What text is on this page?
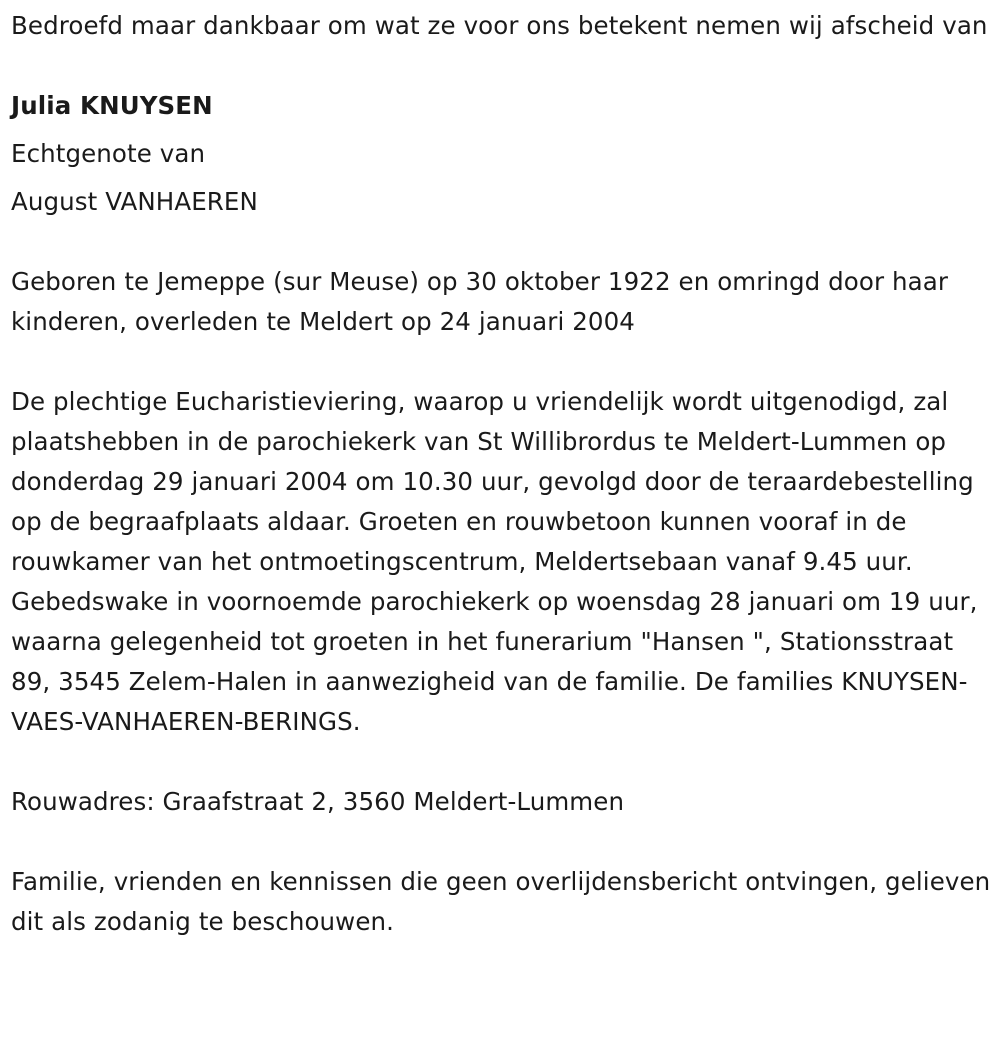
Bedroefd maar dankbaar om wat ze voor ons betekent nemen wij afscheid van

Julia KNUYSEN

Echtgenote van

August VANHAEREN

Geboren te Jemeppe (sur Meuse) op 30 oktober 1922 en omringd door haar kinderen, overleden te Meldert op 24 januari 2004

De plechtige Eucharistieviering, waarop u vriendelijk wordt uitgenodigd, zal plaatshebben in de parochiekerk van St Willibrordus te Meldert-Lummen op donderdag 29 januari 2004 om 10.30 uur, gevolgd door de teraardebestelling op de begraafplaats aldaar. Groeten en rouwbetoon kunnen vooraf in de rouwkamer van het ontmoetingscentrum, Meldertsebaan vanaf 9.45 uur. Gebedswake in voornoemde parochiekerk op woensdag 28 januari om 19 uur, waarna gelegenheid tot groeten in het funerarium "Hansen ", Stationsstraat 89, 3545 Zelem-Halen in aanwezigheid van de familie. De families KNUYSEN-VAES-VANHAEREN-BERINGS.

Rouwadres: Graafstraat 2, 3560 Meldert-Lummen

Familie, vrienden en kennissen die geen overlijdensbericht ontvingen, gelieven dit als zodanig te beschouwen.
